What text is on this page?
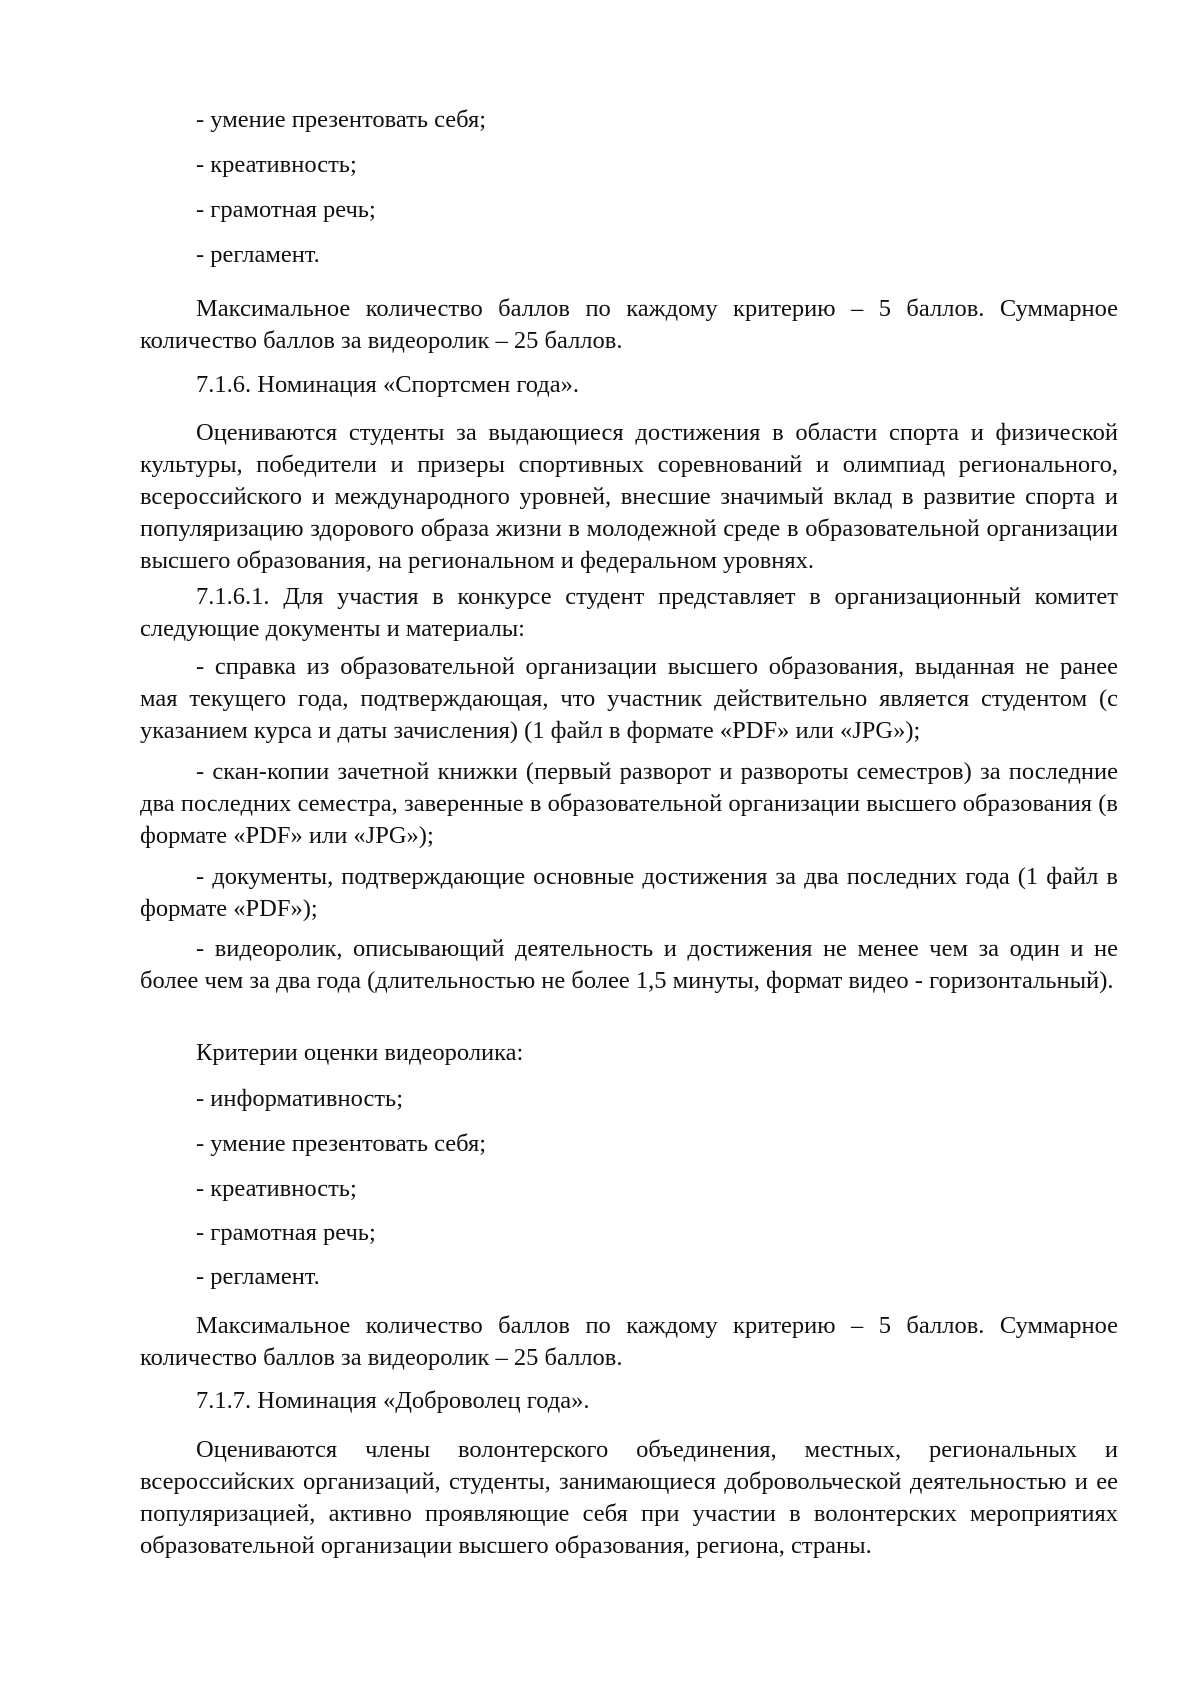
- умение презентовать себя;

- креативность;

- грамотная речь;

- регламент.

Максимальное количество баллов по каждому критерию – 5 баллов. Суммарное количество баллов за видеоролик – 25 баллов.

7.1.6. Номинация «Спортсмен года».

Оцениваются студенты за выдающиеся достижения в области спорта и физической культуры, победители и призеры спортивных соревнований и олимпиад регионального, всероссийского и международного уровней, внесшие значимый вклад в развитие спорта и популяризацию здорового образа жизни в молодежной среде в образовательной организации высшего образования, на региональном и федеральном уровнях.

7.1.6.1. Для участия в конкурсе студент представляет в организационный комитет следующие документы и материалы:

- справка из образовательной организации высшего образования, выданная не ранее мая текущего года, подтверждающая, что участник действительно является студентом (с указанием курса и даты зачисления) (1 файл в формате «PDF» или «JPG»);

- скан-копии зачетной книжки (первый разворот и развороты семестров) за последние два последних семестра, заверенные в образовательной организации высшего образования (в формате «PDF» или «JPG»);

- документы, подтверждающие основные достижения за два последних года (1 файл в формате «PDF»);

- видеоролик, описывающий деятельность и достижения не менее чем за один и не более чем за два года (длительностью не более 1,5 минуты, формат видео - горизонтальный).

Критерии оценки видеоролика:

- информативность;

- умение презентовать себя;

- креативность;

- грамотная речь;

- регламент.

Максимальное количество баллов по каждому критерию – 5 баллов. Суммарное количество баллов за видеоролик – 25 баллов.

7.1.7. Номинация «Доброволец года».

Оцениваются члены волонтерского объединения, местных, региональных и всероссийских организаций, студенты, занимающиеся добровольческой деятельностью и ее популяризацией, активно проявляющие себя при участии в волонтерских мероприятиях образовательной организации высшего образования, региона, страны.
